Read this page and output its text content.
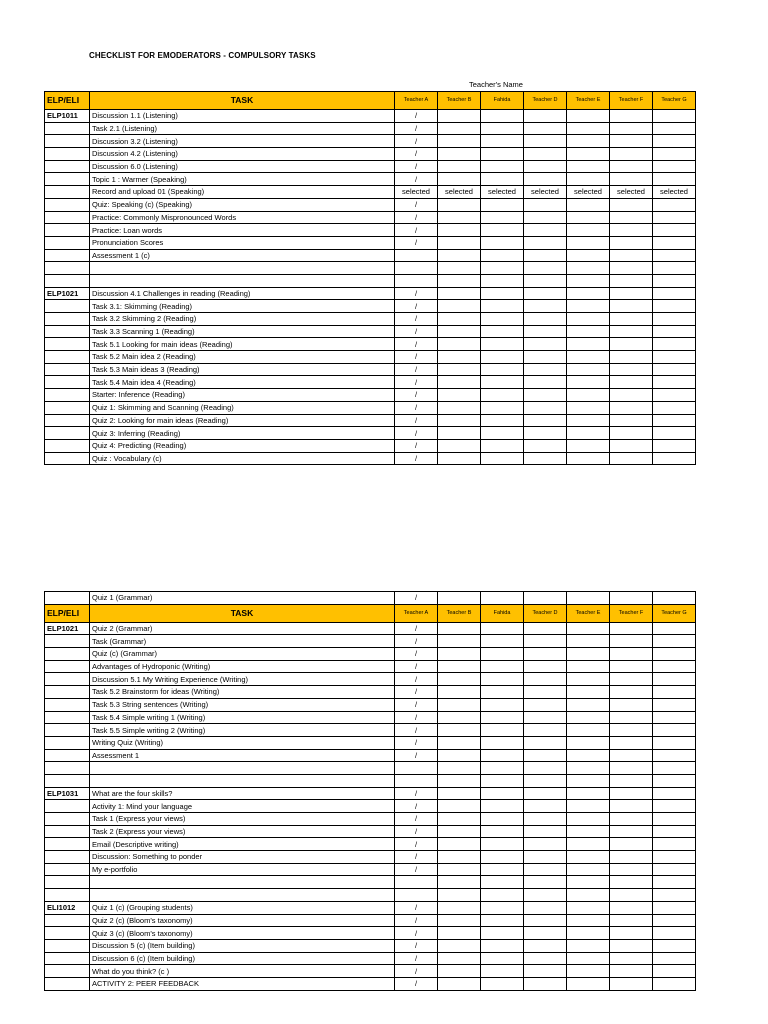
CHECKLIST FOR EMODERATORS - COMPULSORY TASKS
Teacher's Name
ELP/ELI	TASK	Teacher A	Teacher B	Fahida	Teacher D	Teacher E	Teacher F	Teacher G
ELP1011	Discussion 1.1 (Listening)	/						
	Task 2.1 (Listening)	/						
	Discussion 3.2 (Listening)	/						
	Discussion 4.2 (Listening)	/						
	Discussion 6.0 (Listening)	/						
	Topic 1 : Warmer (Speaking)	/						
	Record and upload 01 (Speaking)	selected	selected	selected	selected	selected	selected	selected
	Quiz: Speaking (c) (Speaking)	/						
	Practice: Commonly Mispronounced Words	/						
	Practice: Loan words	/						
	Pronunciation Scores	/						
	Assessment 1 (c)							

ELP1021	Discussion 4.1 Challenges in reading (Reading)	/						
	Task 3.1: Skimming (Reading)	/						
	Task 3.2 Skimming 2 (Reading)	/						
	Task 3.3 Scanning 1 (Reading)	/						
	Task 5.1 Looking for main ideas (Reading)	/						
	Task 5.2 Main idea 2 (Reading)	/						
	Task 5.3 Main ideas 3 (Reading)	/						
	Task 5.4 Main idea 4 (Reading)	/						
	Starter: Inference (Reading)	/						
	Quiz 1: Skimming and Scanning (Reading)	/						
	Quiz 2: Looking for main ideas (Reading)	/						
	Quiz 3: Inferring (Reading)	/						
	Quiz 4: Predicting (Reading)	/						
	Quiz : Vocabulary (c)	/						
	Quiz 1 (Grammar)	/						
ELP/ELI	TASK	Teacher A	Teacher B	Fahida	Teacher D	Teacher E	Teacher F	Teacher G
ELP1021	Quiz 2 (Grammar)	/						
	Task (Grammar)	/						
	Quiz (c) (Grammar)	/						
	Advantages of Hydroponic (Writing)	/						
	Discussion 5.1 My Writing Experience (Writing)	/						
	Task 5.2 Brainstorm for ideas (Writing)	/						
	Task 5.3 String sentences (Writing)	/						
	Task 5.4 Simple writing 1 (Writing)	/						
	Task 5.5 Simple writing 2 (Writing)	/						
	Writing Quiz (Writing)	/						
	Assessment 1	/						

ELP1031	What are the four skills?	/						
	Activity 1: Mind your language	/						
	Task 1 (Express your views)	/						
	Task 2 (Express your views)	/						
	Email (Descriptive writing)	/						
	Discussion: Something to ponder	/						
	My e-portfolio	/						

ELI1012	Quiz 1 (c) (Grouping students)	/						
	Quiz 2 (c) (Bloom's taxonomy)	/						
	Quiz 3 (c) (Bloom's taxonomy)	/						
	Discussion 5 (c) (Item building)	/						
	Discussion 6 (c) (Item building)	/						
	What do you think? (c )	/						
	ACTIVITY 2: PEER FEEDBACK	/						
